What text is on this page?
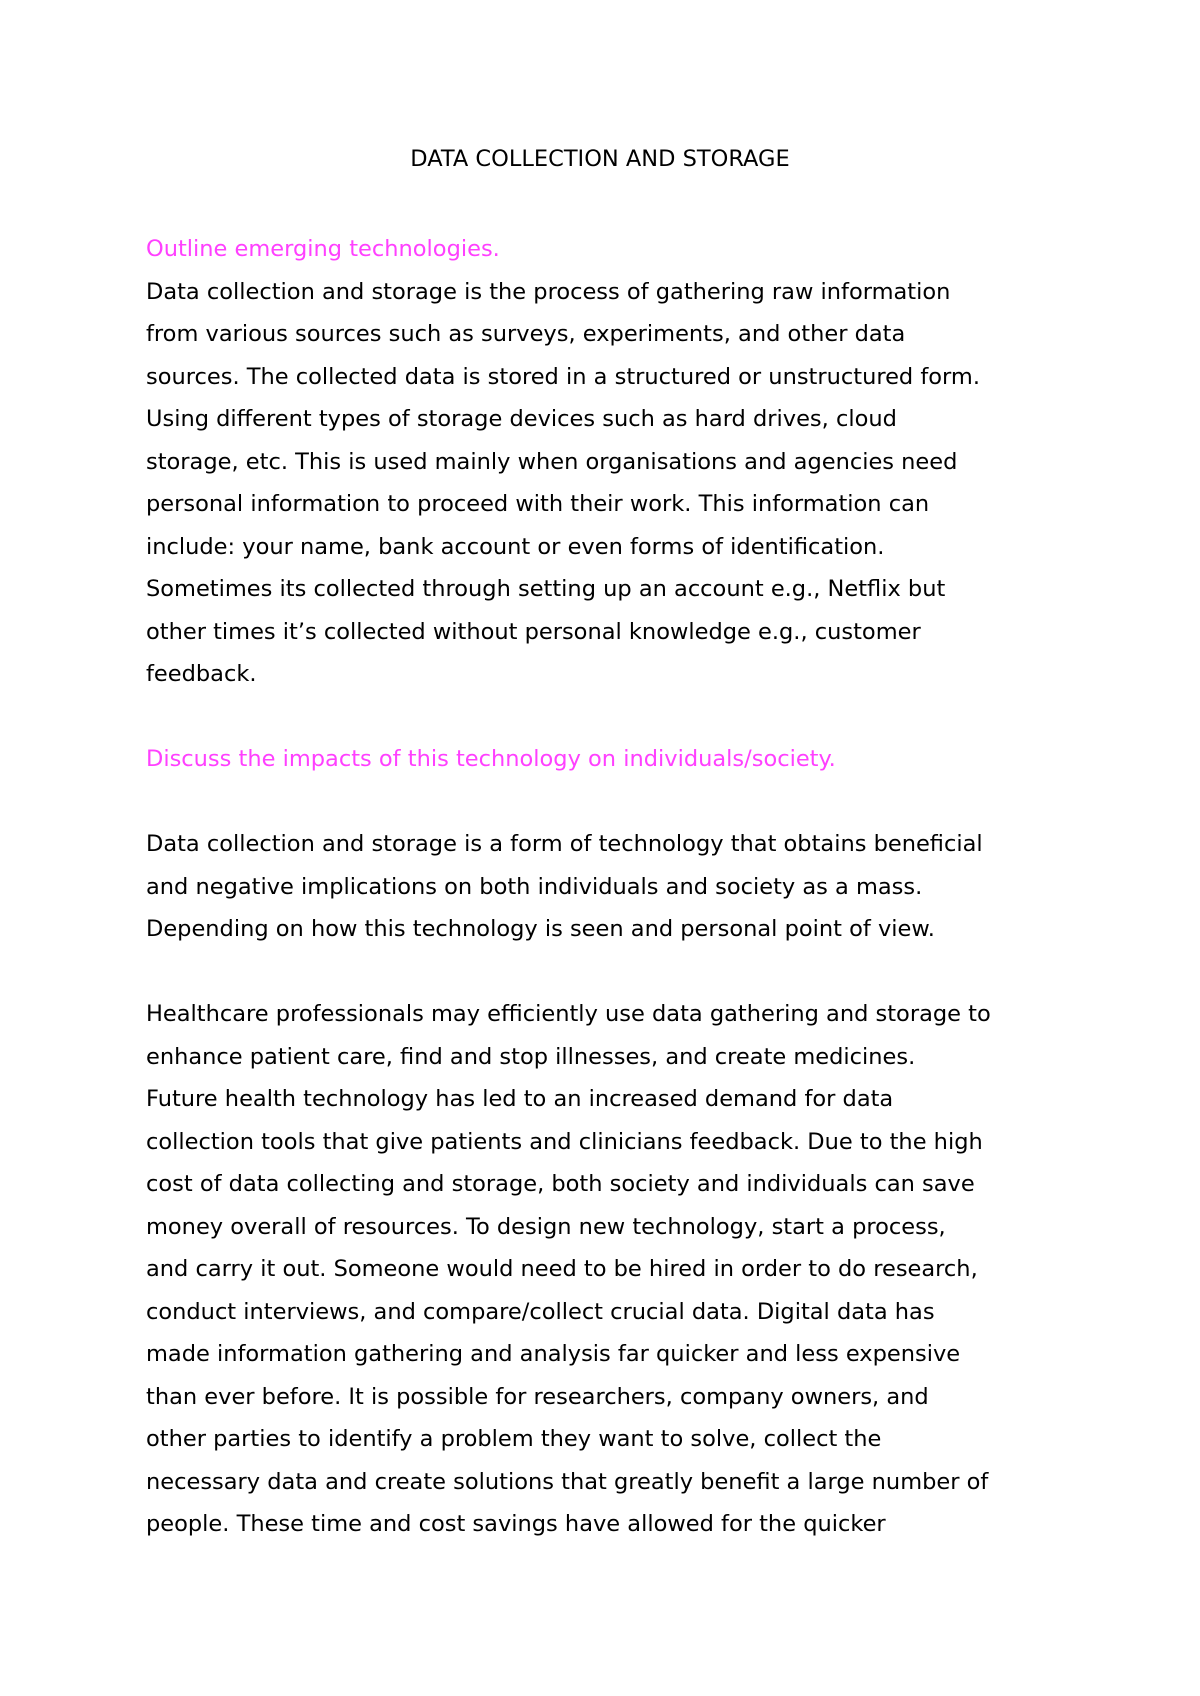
DATA COLLECTION AND STORAGE

Outline emerging technologies.

Data collection and storage is the process of gathering raw information

from various sources such as surveys, experiments, and other data

sources. The collected data is stored in a structured or unstructured form.

Using different types of storage devices such as hard drives, cloud

storage, etc. This is used mainly when organisations and agencies need

personal information to proceed with their work. This information can

include: your name, bank account or even forms of identification.

Sometimes its collected through setting up an account e.g., Netflix but

other times it’s collected without personal knowledge e.g., customer

feedback.

Discuss the impacts of this technology on individuals/society.

Data collection and storage is a form of technology that obtains beneficial

and negative implications on both individuals and society as a mass.

Depending on how this technology is seen and personal point of view.

Healthcare professionals may efficiently use data gathering and storage to

enhance patient care, find and stop illnesses, and create medicines.

Future health technology has led to an increased demand for data

collection tools that give patients and clinicians feedback. Due to the high

cost of data collecting and storage, both society and individuals can save

money overall of resources. To design new technology, start a process,

and carry it out. Someone would need to be hired in order to do research,

conduct interviews, and compare/collect crucial data. Digital data has

made information gathering and analysis far quicker and less expensive

than ever before. It is possible for researchers, company owners, and

other parties to identify a problem they want to solve, collect the

necessary data and create solutions that greatly benefit a large number of

people. These time and cost savings have allowed for the quicker
